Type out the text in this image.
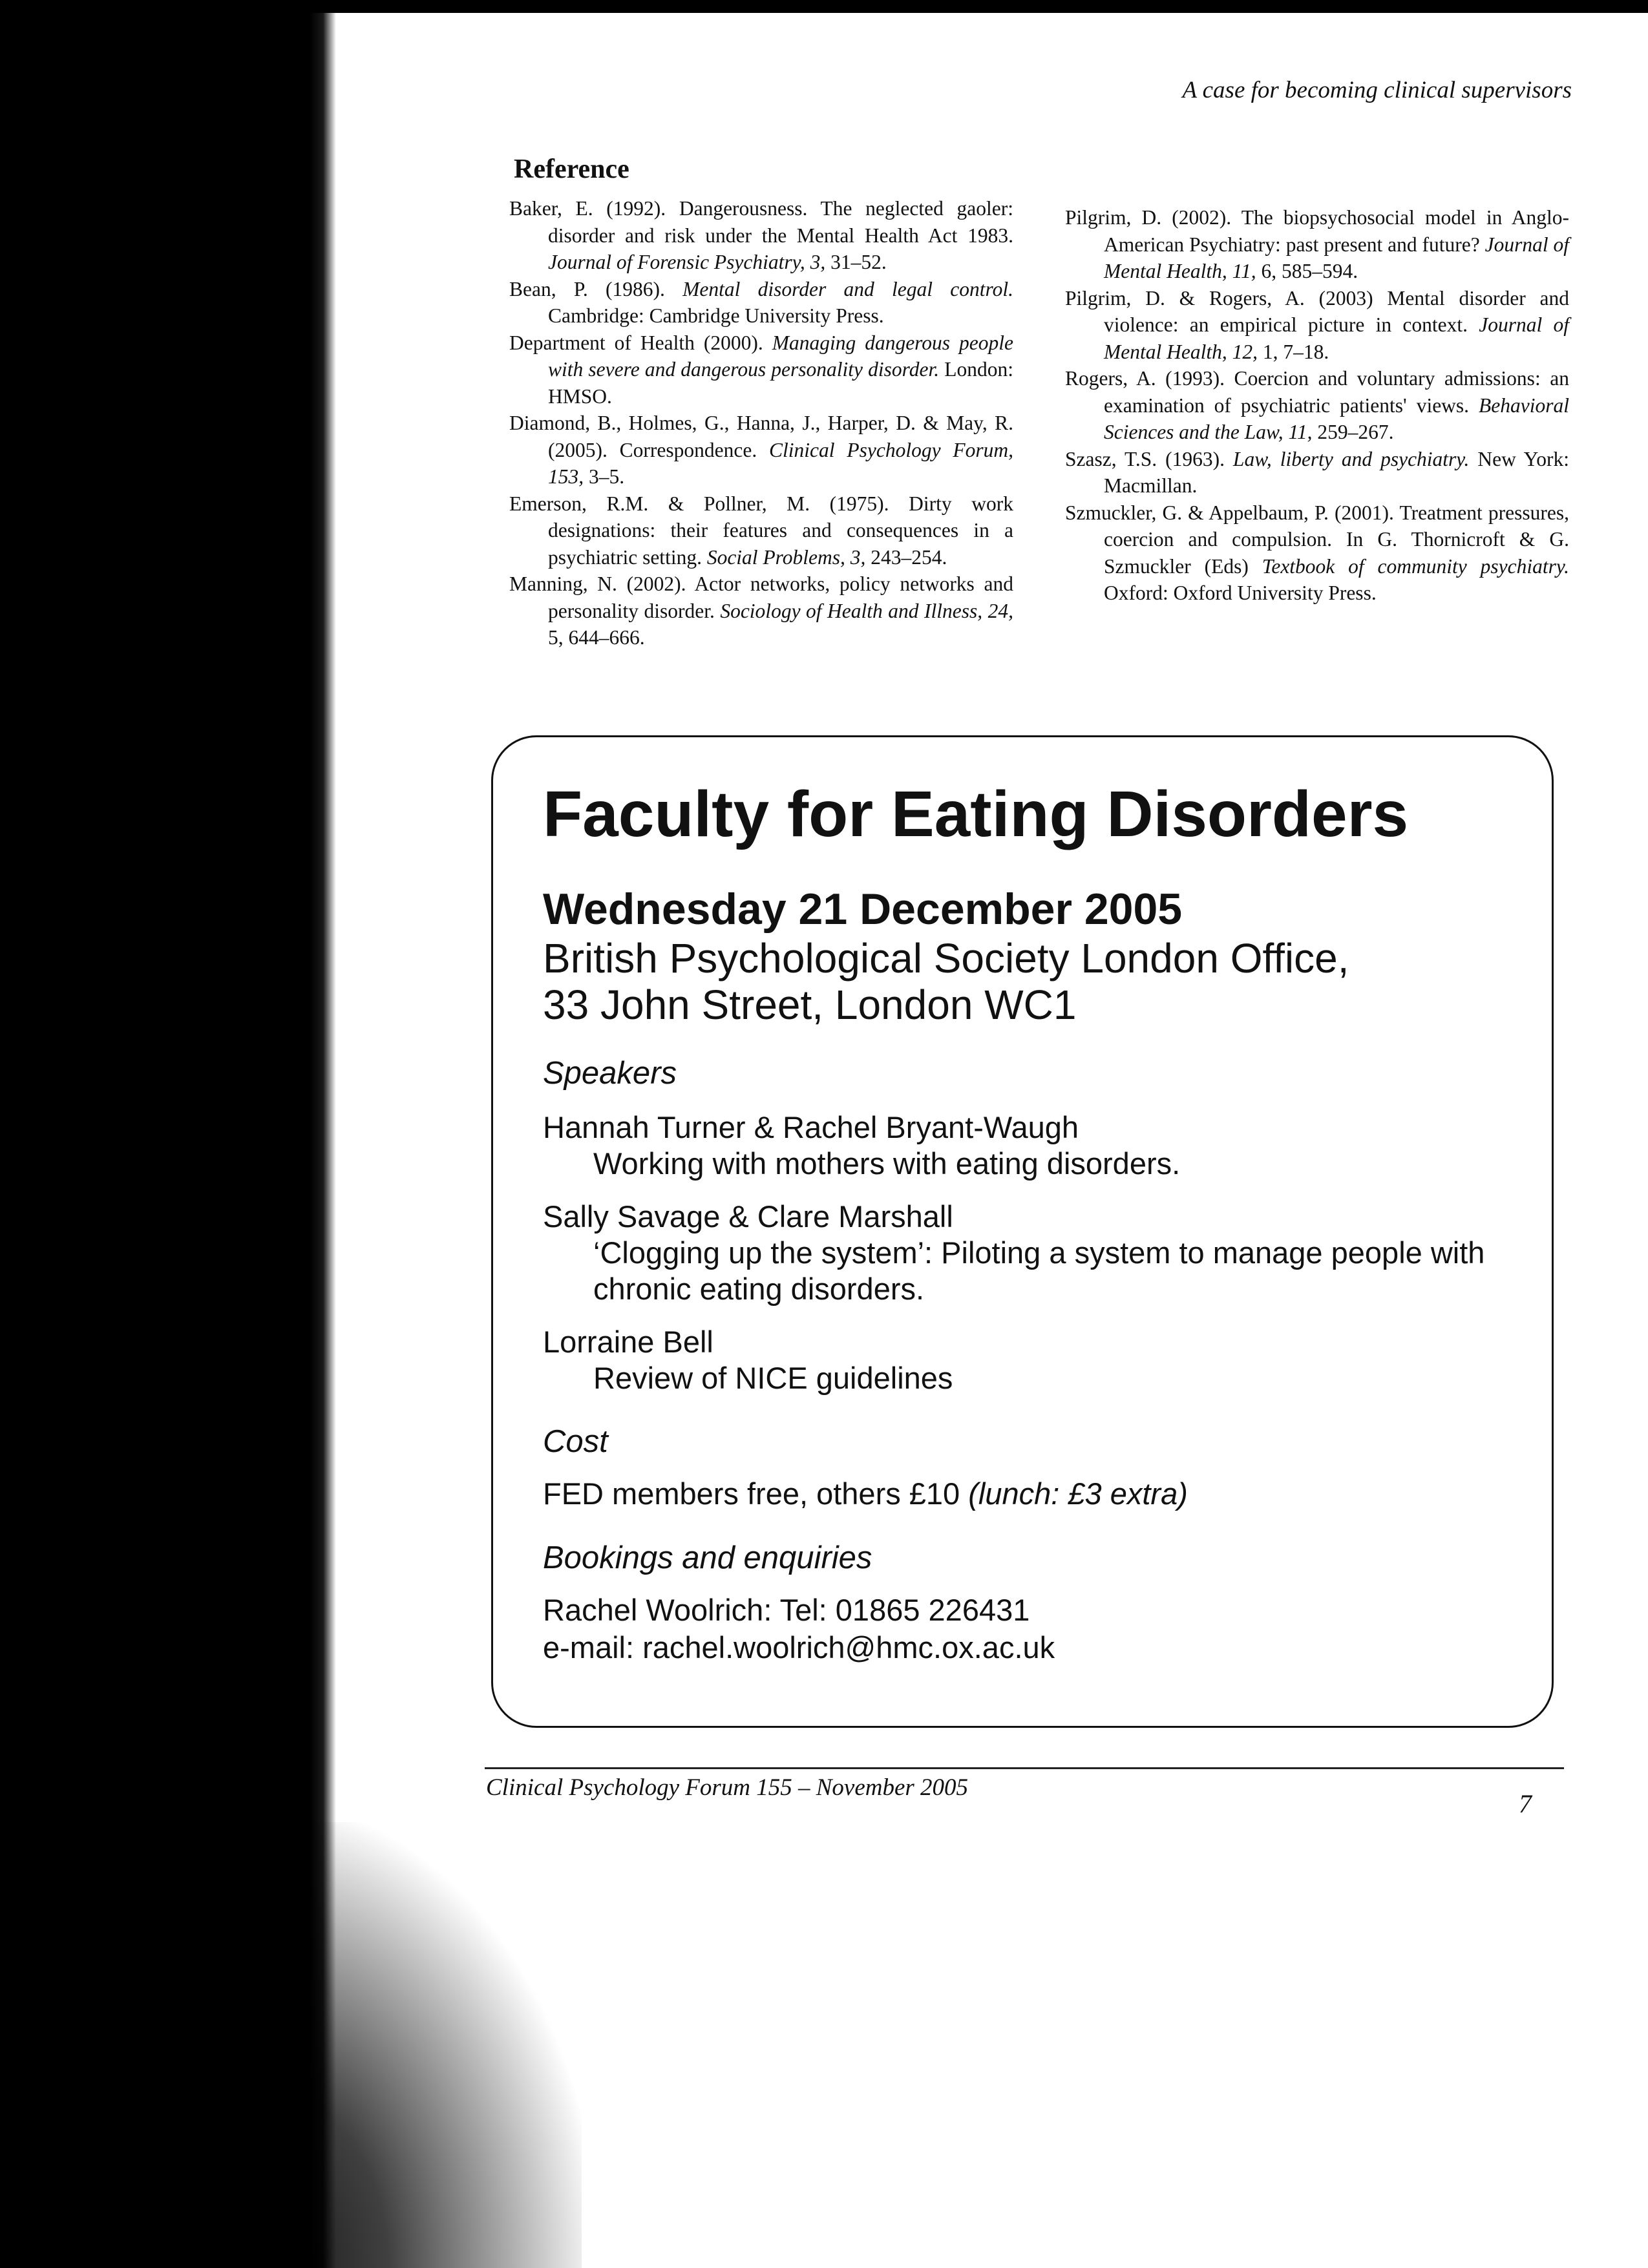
A case for becoming clinical supervisors
Reference
Baker, E. (1992). Dangerousness. The neglected gaoler: disorder and risk under the Mental Health Act 1983. Journal of Forensic Psychiatry, 3, 31–52.
Bean, P. (1986). Mental disorder and legal control. Cambridge: Cambridge University Press.
Department of Health (2000). Managing dangerous people with severe and dangerous personality disorder. London: HMSO.
Diamond, B., Holmes, G., Hanna, J., Harper, D. & May, R. (2005). Correspondence. Clinical Psychology Forum, 153, 3–5.
Emerson, R.M. & Pollner, M. (1975). Dirty work designations: their features and consequences in a psychiatric setting. Social Problems, 3, 243–254.
Manning, N. (2002). Actor networks, policy networks and personality disorder. Sociology of Health and Illness, 24, 5, 644–666.
Pilgrim, D. (2002). The biopsychosocial model in Anglo-American Psychiatry: past present and future? Journal of Mental Health, 11, 6, 585–594.
Pilgrim, D. & Rogers, A. (2003) Mental disorder and violence: an empirical picture in context. Journal of Mental Health, 12, 1, 7–18.
Rogers, A. (1993). Coercion and voluntary admissions: an examination of psychiatric patients' views. Behavioral Sciences and the Law, 11, 259–267.
Szasz, T.S. (1963). Law, liberty and psychiatry. New York: Macmillan.
Szmuckler, G. & Appelbaum, P. (2001). Treatment pressures, coercion and compulsion. In G. Thornicroft & G. Szmuckler (Eds) Textbook of community psychiatry. Oxford: Oxford University Press.
Faculty for Eating Disorders
Wednesday 21 December 2005
British Psychological Society London Office,
33 John Street, London WC1
Speakers
Hannah Turner & Rachel Bryant-Waugh
Working with mothers with eating disorders.
Sally Savage & Clare Marshall
‘Clogging up the system’: Piloting a system to manage people with chronic eating disorders.
Lorraine Bell
Review of NICE guidelines
Cost
FED members free, others £10 (lunch: £3 extra)
Bookings and enquiries
Rachel Woolrich: Tel: 01865 226431
e-mail: rachel.woolrich@hmc.ox.ac.uk
Clinical Psychology Forum 155 – November 2005
7
